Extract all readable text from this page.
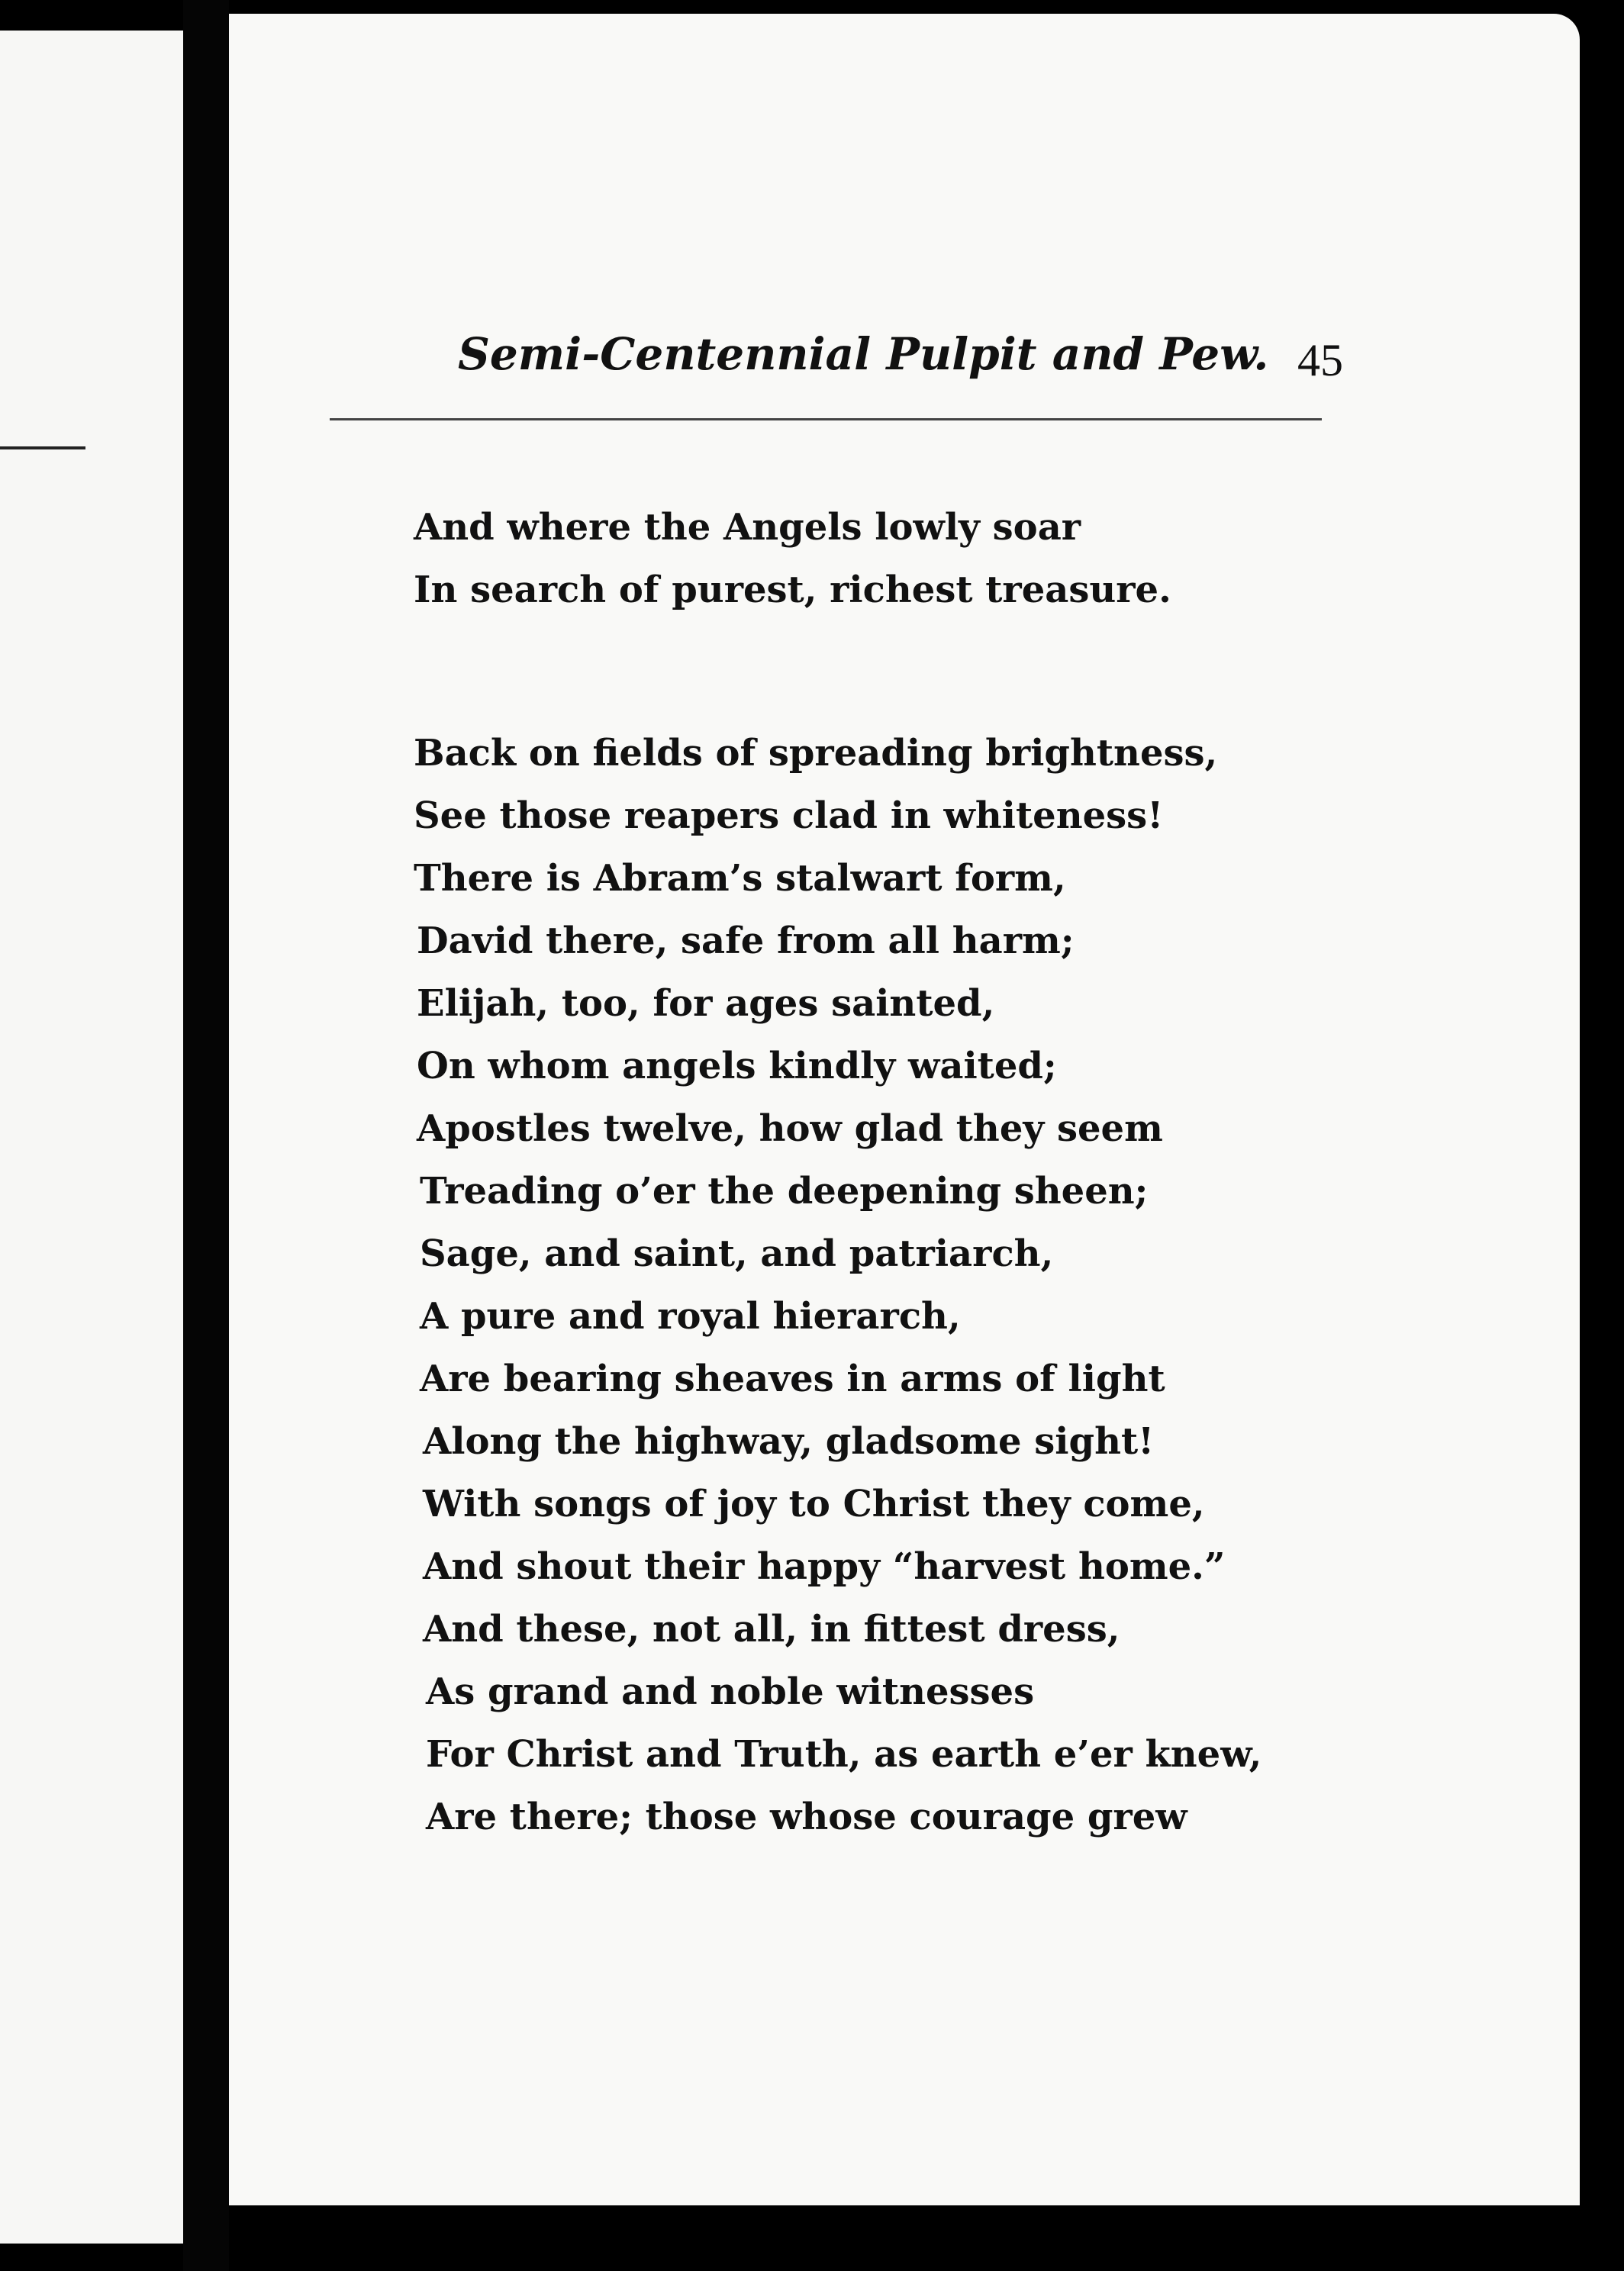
Semi-Centennial Pulpit and Pew. 45
And where the Angels lowly soar
In search of purest, richest treasure.
Back on fields of spreading brightness,
See those reapers clad in whiteness!
There is Abram’s stalwart form,
David there, safe from all harm;
Elijah, too, for ages sainted,
On whom angels kindly waited;
Apostles twelve, how glad they seem
Treading o’er the deepening sheen;
Sage, and saint, and patriarch,
A pure and royal hierarch,
Are bearing sheaves in arms of light
Along the highway, gladsome sight!
With songs of joy to Christ they come,
And shout their happy “harvest home.”
And these, not all, in fittest dress,
As grand and noble witnesses
For Christ and Truth, as earth e’er knew,
Are there; those whose courage grew
